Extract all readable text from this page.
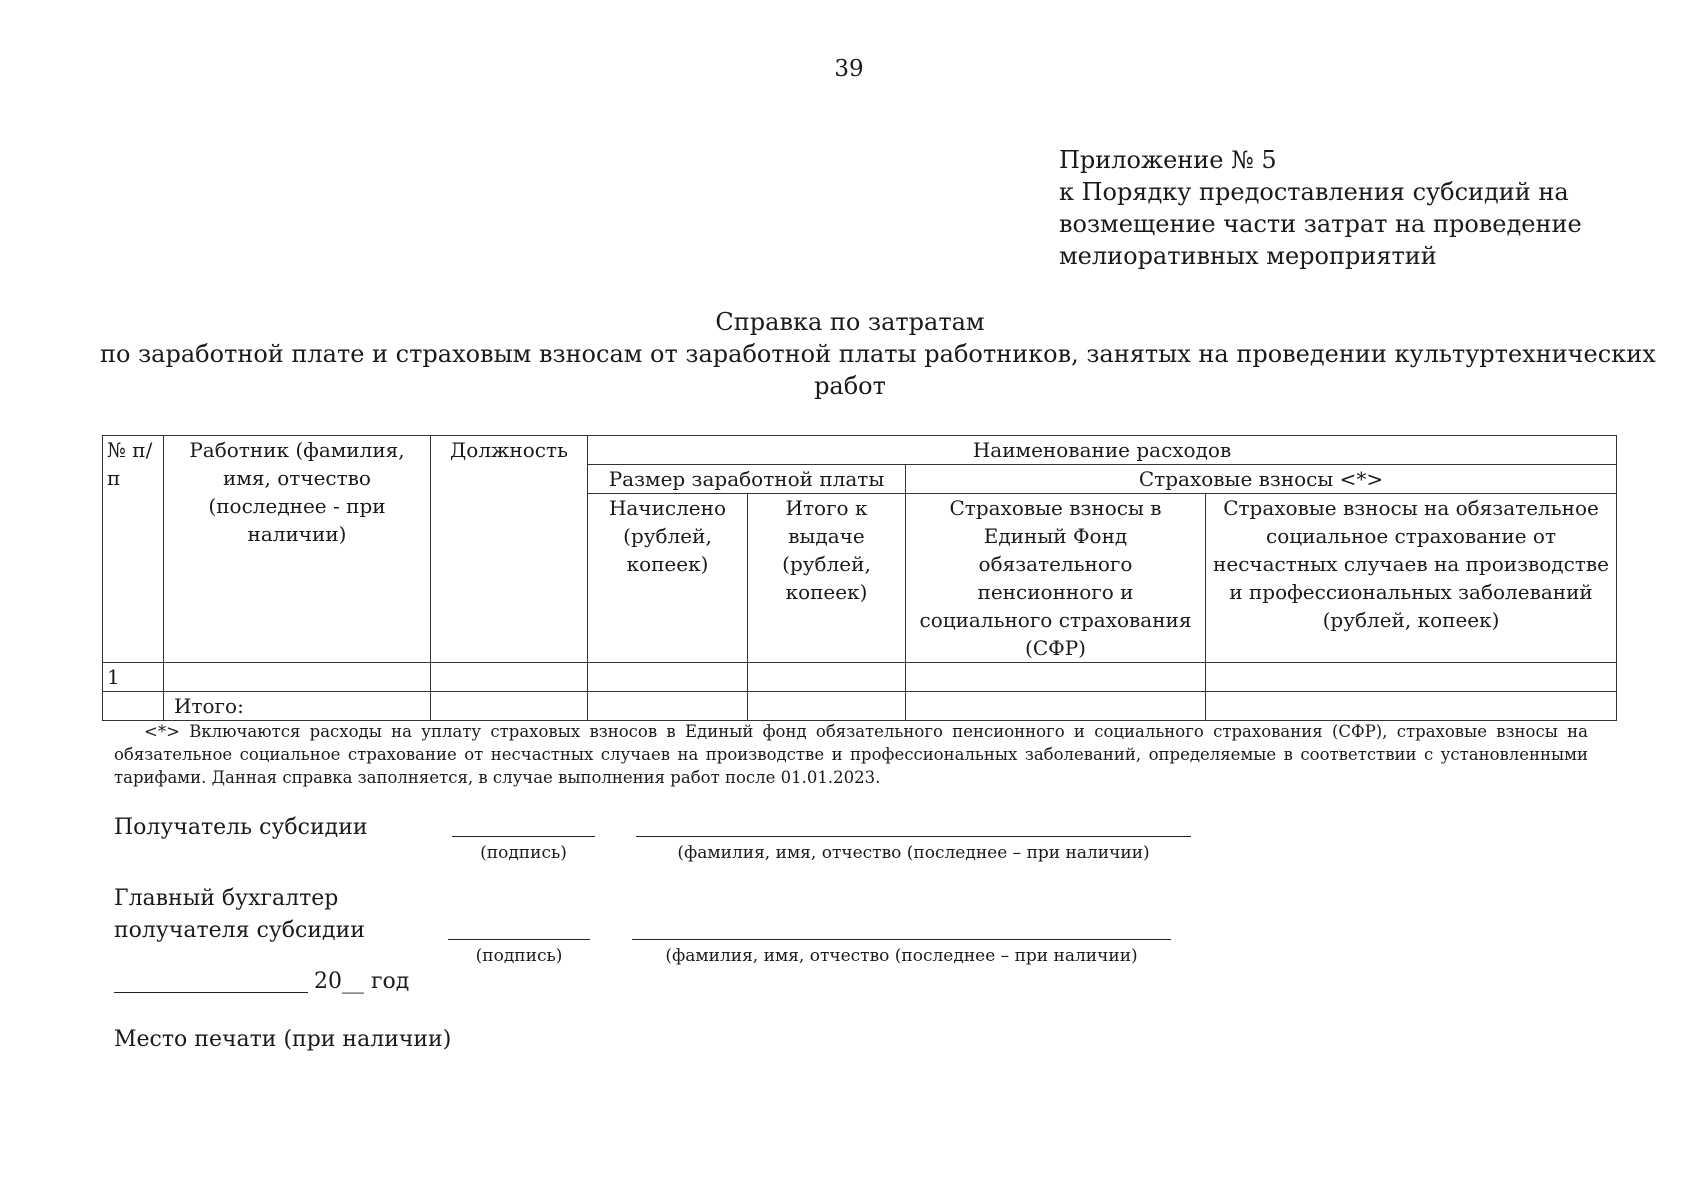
39
Приложение № 5
к Порядку предоставления субсидий на
возмещение части затрат на проведение
мелиоративных мероприятий
Справка по затратам
по заработной плате и страховым взносам от заработной платы работников, занятых на проведении культуртехнических
работ
№ п/п	Работник (фамилия, имя, отчество (последнее - при наличии)	Должность	Наименование расходов			
			Размер заработной платы		Страховые взносы <*>	
			Начислено (рублей, копеек)	Итого к выдаче (рублей, копеек)	Страховые взносы в Единый Фонд обязательного пенсионного и социального страхования (СФР)	Страховые взносы на обязательное социальное страхование от несчастных случаев на производстве и профессиональных заболеваний (рублей, копеек)
1						
	Итого:					
<*> Включаются расходы на уплату страховых взносов в Единый фонд обязательного пенсионного и социального страхования (СФР), страховые взносы на обязательное социальное страхование от несчастных случаев на производстве и профессиональных заболеваний, определяемые в соответствии с установленными тарифами. Данная справка заполняется, в случае выполнения работ после 01.01.2023.
Получатель субсидии
(подпись)	(фамилия, имя, отчество (последнее – при наличии)
Главный бухгалтер
получателя субсидии
(подпись)	(фамилия, имя, отчество (последнее – при наличии)
20__ год
Место печати (при наличии)
